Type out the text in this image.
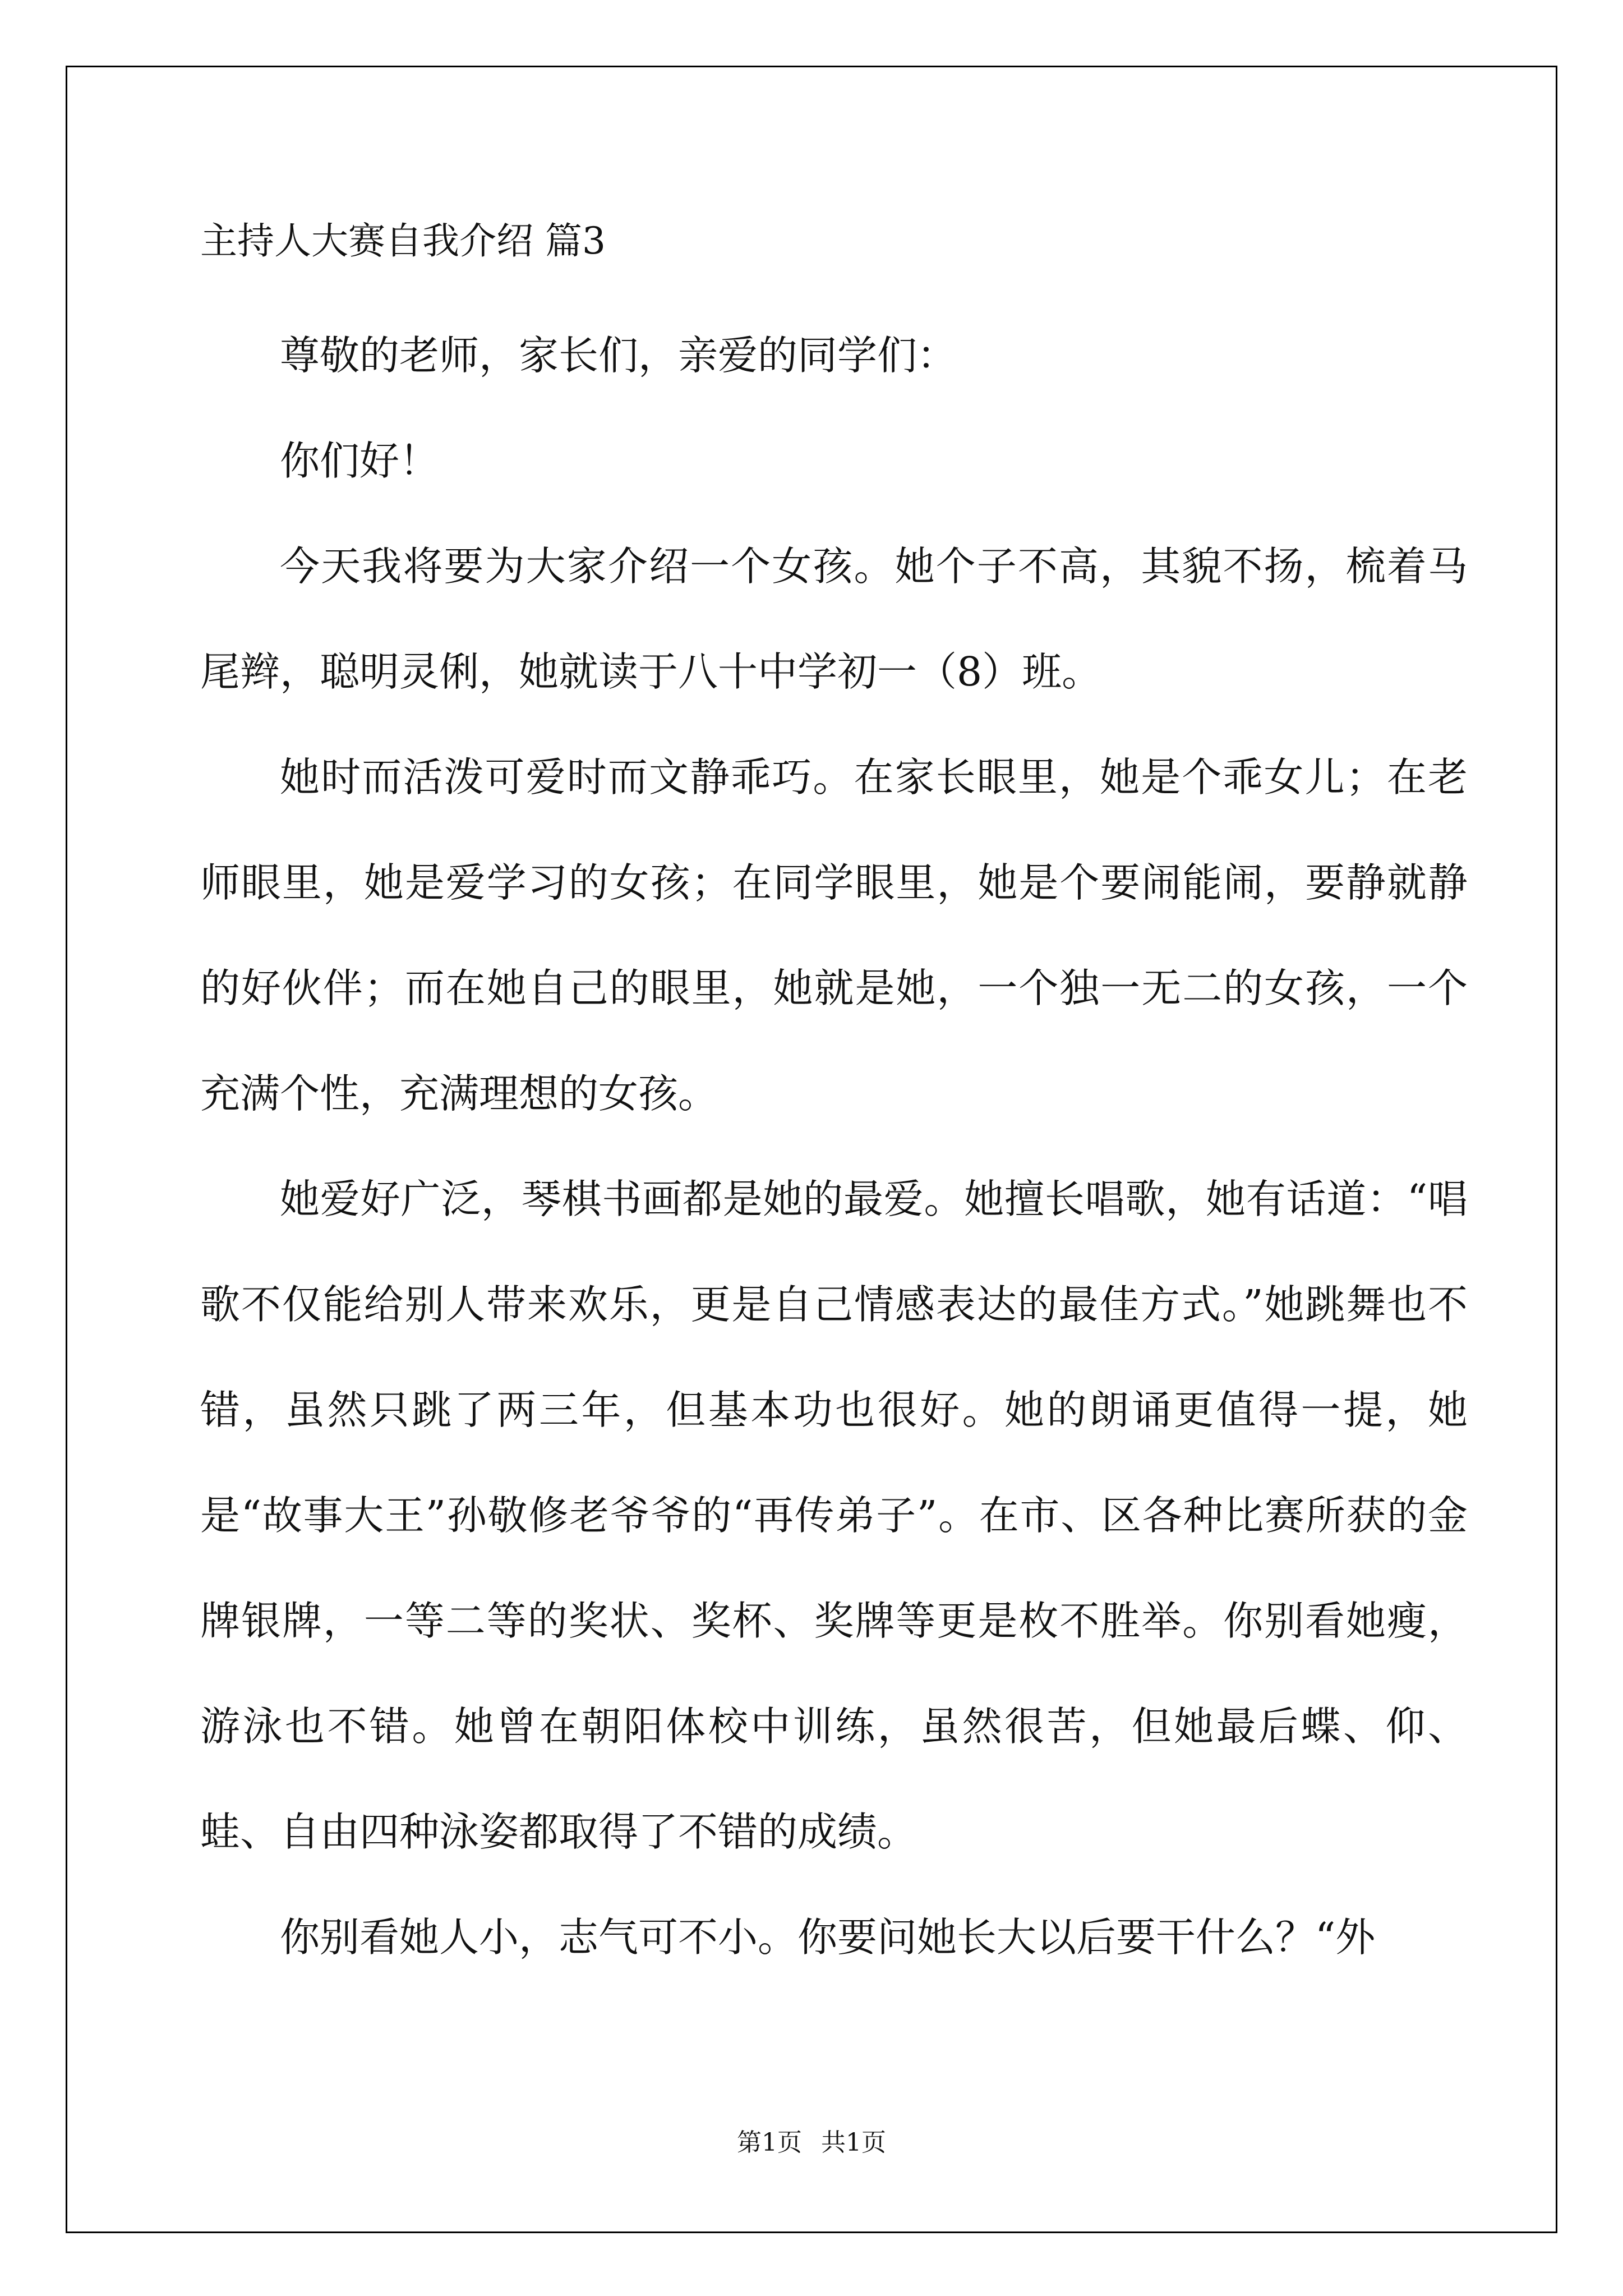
主持人大赛自我介绍 篇3

尊敬的老师，家长们，亲爱的同学们：

你们好！

今天我将要为大家介绍一个女孩。她个子不高，其貌不扬，梳着马尾辫，聪明灵俐，她就读于八十中学初一（8）班。

她时而活泼可爱时而文静乖巧。在家长眼里，她是个乖女儿；在老师眼里，她是爱学习的女孩；在同学眼里，她是个要闹能闹，要静就静的好伙伴；而在她自己的眼里，她就是她，一个独一无二的女孩，一个充满个性，充满理想的女孩。

她爱好广泛，琴棋书画都是她的最爱。她擅长唱歌，她有话道：“唱歌不仅能给别人带来欢乐，更是自己情感表达的最佳方式。”她跳舞也不错，虽然只跳了两三年，但基本功也很好。她的朗诵更值得一提，她是“故事大王”孙敬修老爷爷的“再传弟子”。在市、区各种比赛所获的金牌银牌，一等二等的奖状、奖杯、奖牌等更是枚不胜举。你别看她瘦，游泳也不错。她曾在朝阳体校中训练，虽然很苦，但她最后蝶、仰、蛙、自由四种泳姿都取得了不错的成绩。

你别看她人小，志气可不小。你要问她长大以后要干什么？“外

第1页 共1页
